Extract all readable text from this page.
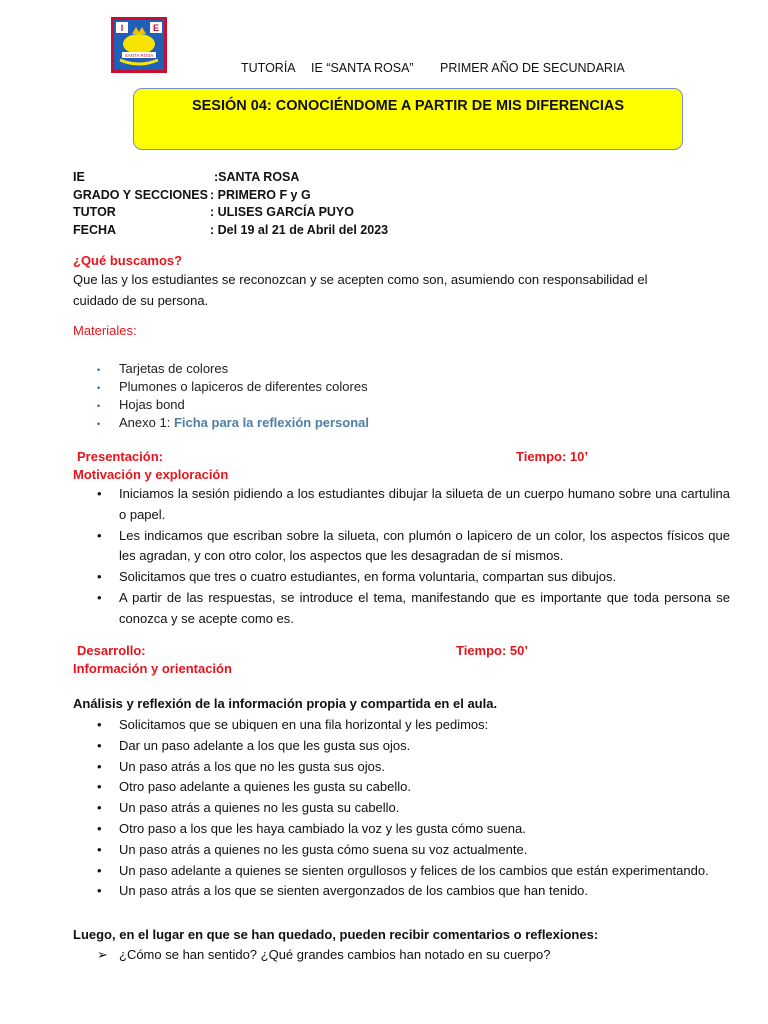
I	E
SANTA ROSA
TUTORÍA IE “SANTA ROSA” PRIMER AÑO DE SECUNDARIA
SESIÓN 04: CONOCIÉNDOME A PARTIR DE MIS DIFERENCIAS
IE	:SANTA ROSA
GRADO Y SECCIONES : PRIMERO F y G
TUTOR	: ULISES GARCÍA PUYO
FECHA	: Del 19 al 21 de Abril del 2023
¿Qué buscamos?
Que las y los estudiantes se reconozcan y se acepten como son, asumiendo con responsabilidad el
cuidado de su persona.
Materiales:
• Tarjetas de colores
• Plumones o lapiceros de diferentes colores
• Hojas bond
• Anexo 1: Ficha para la reflexión personal
Presentación:	Tiempo: 10’
Motivación y exploración
• Iniciamos la sesión pidiendo a los estudiantes dibujar la silueta de un cuerpo humano sobre una cartulina o papel.
• Les indicamos que escriban sobre la silueta, con plumón o lapicero de un color, los aspectos físicos que les agradan, y con otro color, los aspectos que les desagradan de sí mismos.
• Solicitamos que tres o cuatro estudiantes, en forma voluntaria, compartan sus dibujos.
• A partir de las respuestas, se introduce el tema, manifestando que es importante que toda persona se conozca y se acepte como es.
Desarrollo:	Tiempo: 50’
Información y orientación
Análisis y reflexión de la información propia y compartida en el aula.
• Solicitamos que se ubiquen en una fila horizontal y les pedimos:
• Dar un paso adelante a los que les gusta sus ojos.
• Un paso atrás a los que no les gusta sus ojos.
• Otro paso adelante a quienes les gusta su cabello.
• Un paso atrás a quienes no les gusta su cabello.
• Otro paso a los que les haya cambiado la voz y les gusta cómo suena.
• Un paso atrás a quienes no les gusta cómo suena su voz actualmente.
• Un paso adelante a quienes se sienten orgullosos y felices de los cambios que están experimentando.
• Un paso atrás a los que se sienten avergonzados de los cambios que han tenido.
Luego, en el lugar en que se han quedado, pueden recibir comentarios o reflexiones:
➢ ¿Cómo se han sentido? ¿Qué grandes cambios han notado en su cuerpo?
